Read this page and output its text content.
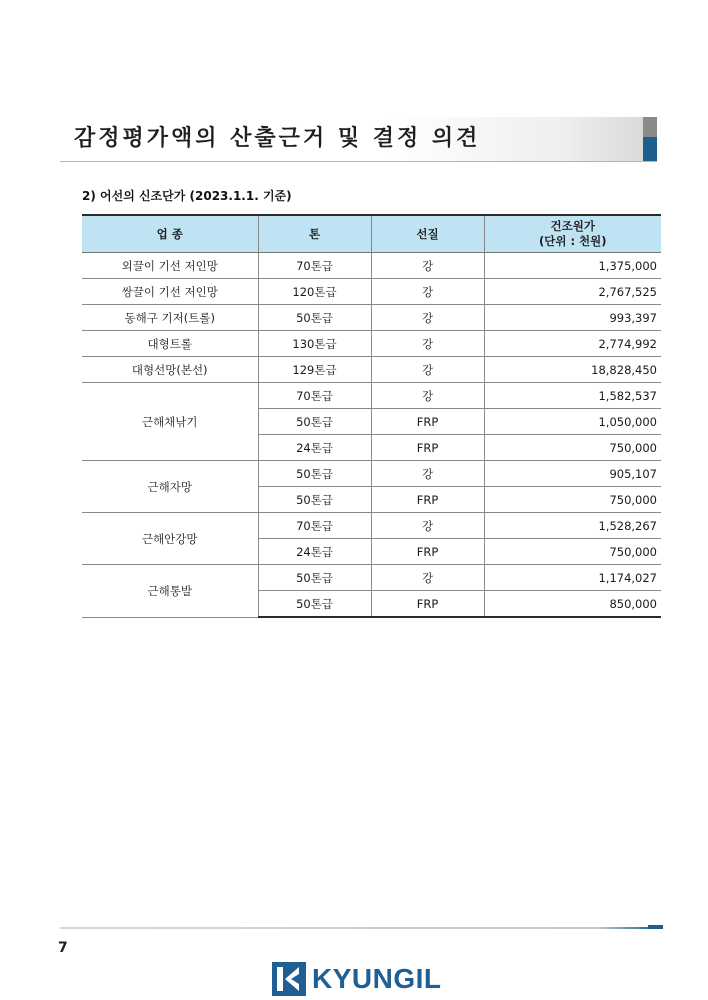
감정평가액의 산출근거 및 결정 의견
2) 어선의 신조단가 (2023.1.1. 기준)
업 종	톤	선질	건조원가
(단위 : 천원)
외끌이 기선 저인망	70톤급	강	1,375,000
쌍끌이 기선 저인망	120톤급	강	2,767,525
동해구 기저(트롤)	50톤급	강	993,397
대형트롤	130톤급	강	2,774,992
대형선망(본선)	129톤급	강	18,828,450
근해채낚기	70톤급	강	1,582,537
	50톤급	FRP	1,050,000
	24톤급	FRP	750,000
근해자망	50톤급	강	905,107
	50톤급	FRP	750,000
근해안강망	70톤급	강	1,528,267
	24톤급	FRP	750,000
근해통발	50톤급	강	1,174,027
	50톤급	FRP	850,000
7
KYUNGIL
